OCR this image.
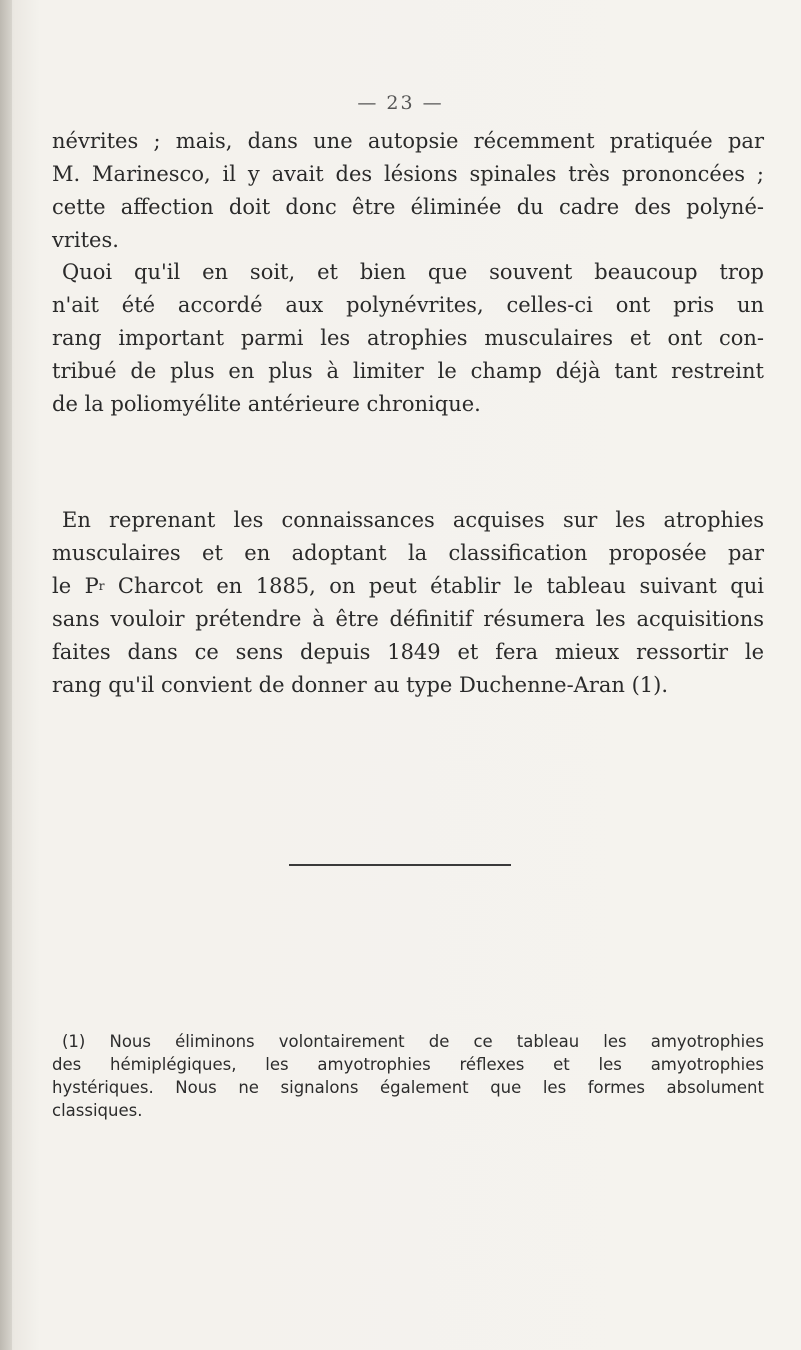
— 23 —
névrites ; mais, dans une autopsie récemment pratiquée par
M. Marinesco, il y avait des lésions spinales très prononcées ;
cette affection doit donc être éliminée du cadre des polyné-
vrites.
Quoi qu'il en soit, et bien que souvent beaucoup trop
n'ait été accordé aux polynévrites, celles-ci ont pris un
rang important parmi les atrophies musculaires et ont con-
tribué de plus en plus à limiter le champ déjà tant restreint
de la poliomyélite antérieure chronique.
En reprenant les connaissances acquises sur les atrophies
musculaires et en adoptant la classification proposée par
le $P^r$ Charcot en 1885, on peut établir le tableau suivant qui
sans vouloir prétendre à être définitif résumera les acquisitions
faites dans ce sens depuis 1849 et fera mieux ressortir le
rang qu'il convient de donner au type Duchenne-Aran (1).
(1) Nous éliminons volontairement de ce tableau les amyotrophies
des hémiplégiques, les amyotrophies réflexes et les amyotrophies
hystériques. Nous ne signalons également que les formes absolument
classiques.
